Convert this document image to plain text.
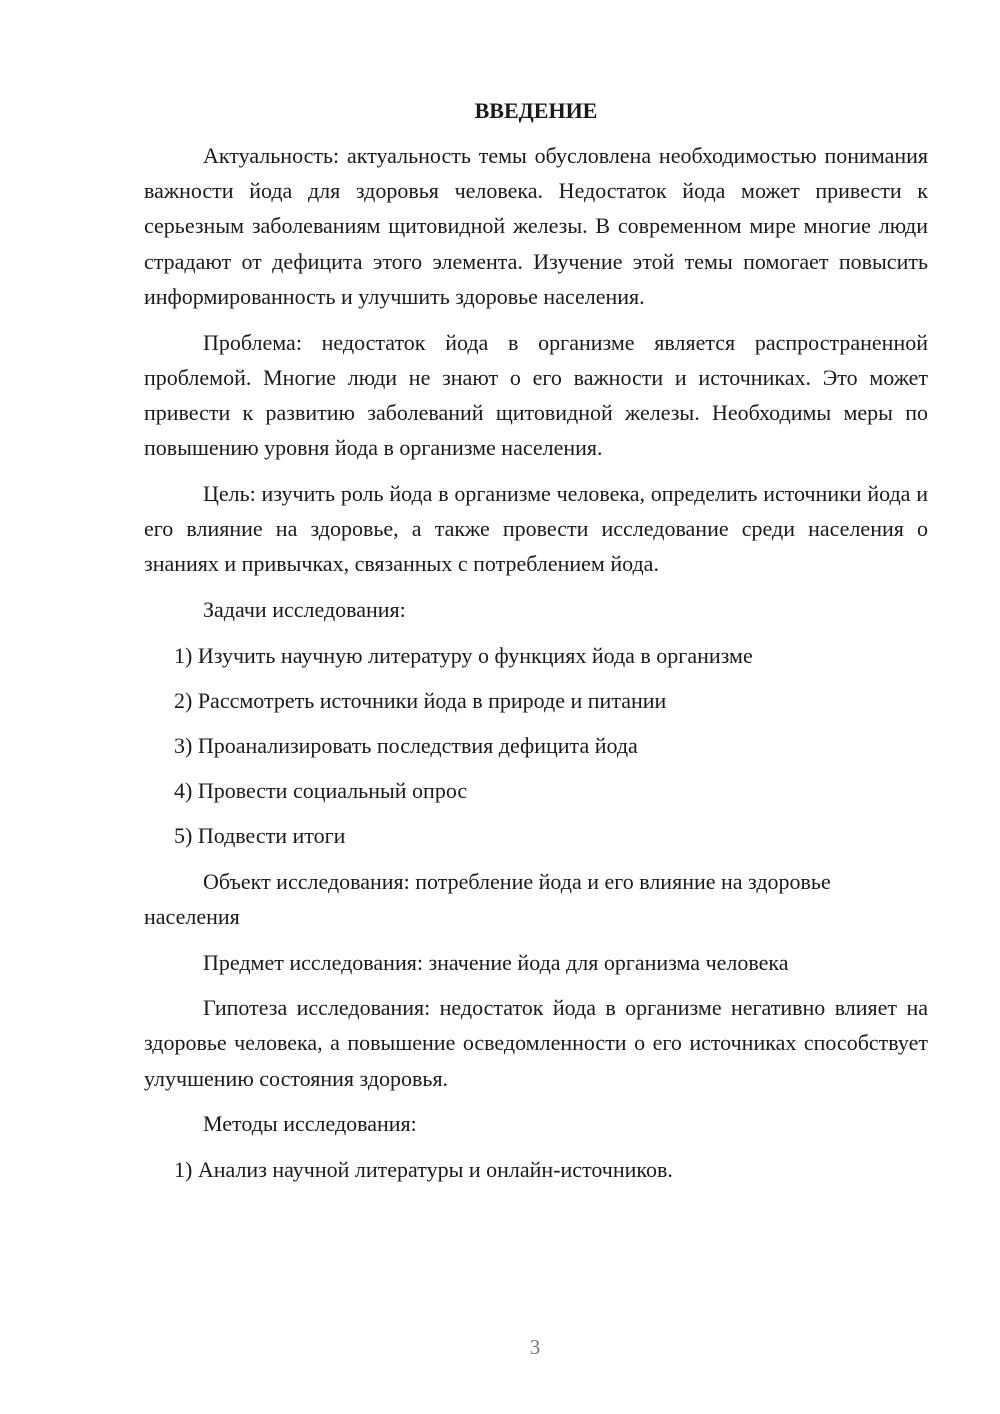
ВВЕДЕНИЕ

Актуальность: актуальность темы обусловлена необходимостью понимания важности йода для здоровья человека. Недостаток йода может привести к серьезным заболеваниям щитовидной железы. В современном мире многие люди страдают от дефицита этого элемента. Изучение этой темы помогает повысить информированность и улучшить здоровье населения.

Проблема: недостаток йода в организме является распространенной проблемой. Многие люди не знают о его важности и источниках. Это может привести к развитию заболеваний щитовидной железы. Необходимы меры по повышению уровня йода в организме населения.

Цель: изучить роль йода в организме человека, определить источники йода и его влияние на здоровье, а также провести исследование среди населения о знаниях и привычках, связанных с потреблением йода.

Задачи исследования:

1) Изучить научную литературу о функциях йода в организме
2) Рассмотреть источники йода в природе и питании
3) Проанализировать последствия дефицита йода
4) Провести социальный опрос
5) Подвести итоги

Объект исследования: потребление йода и его влияние на здоровье населения

Предмет исследования: значение йода для организма человека

Гипотеза исследования: недостаток йода в организме негативно влияет на здоровье человека, а повышение осведомленности о его источниках способствует улучшению состояния здоровья.

Методы исследования:

1) Анализ научной литературы и онлайн-источников.
3
